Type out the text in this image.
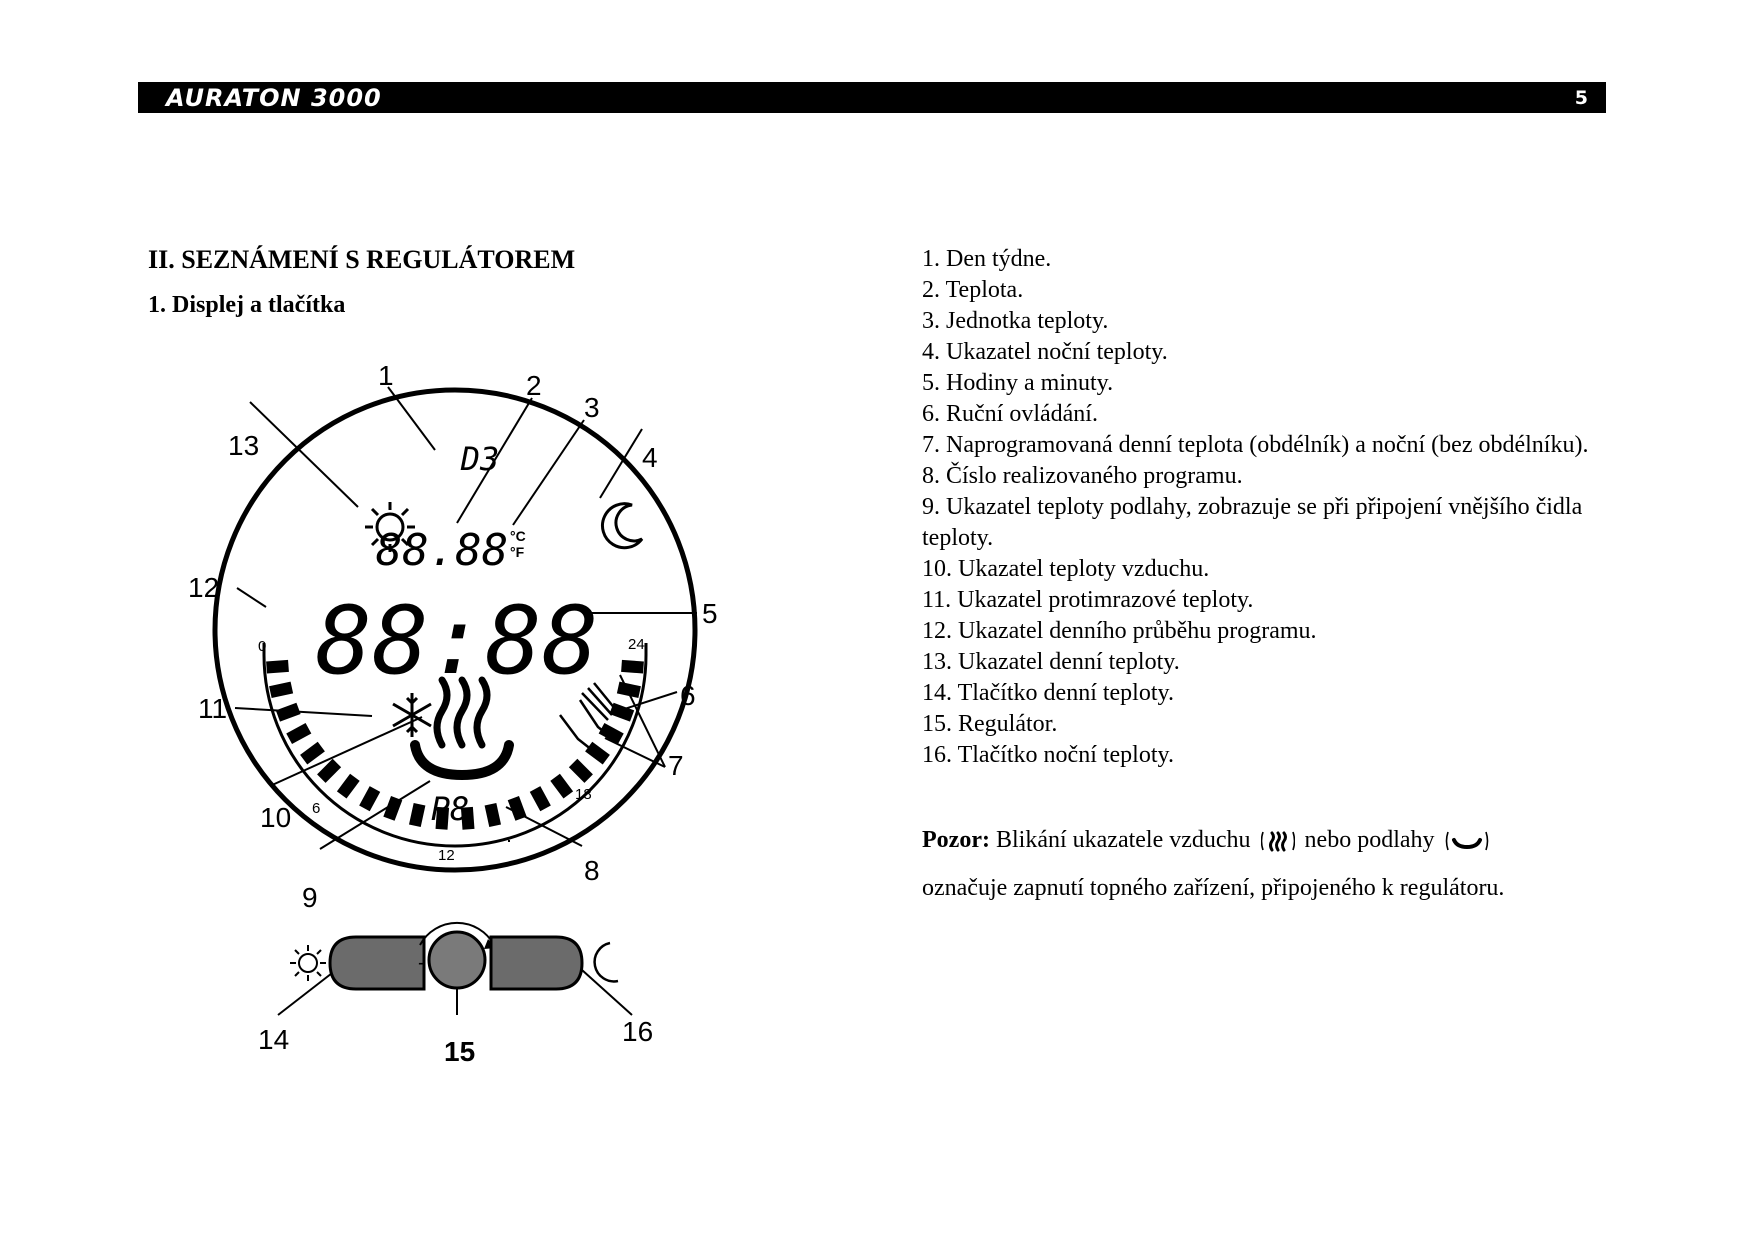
AURATON 3000	5
II. SEZNÁMENÍ S REGULÁTOREM
1. Displej a tlačítka
D3
88.88 °C
°F
88:88
0
6
12
18
24
P8
1	2
3
4
5
6
7
8
9
10
11
12
13
-
14	15
16
1. Den týdne.
2. Teplota.
3. Jednotka teploty.
4. Ukazatel noční teploty.
5. Hodiny a minuty.
6. Ruční ovládání.
7. Naprogramovaná denní teplota (obdélník) a noční (bez obdélníku).
8. Číslo realizovaného programu.
9. Ukazatel teploty podlahy, zobrazuje se při připojení vnějšího čidla teploty.
10. Ukazatel teploty vzduchu.
11. Ukazatel protimrazové teploty.
12. Ukazatel denního průběhu programu.
13. Ukazatel denní teploty.
14. Tlačítko denní teploty.
15. Regulátor.
16. Tlačítko noční teploty.
Pozor: Blikání ukazatele vzduchu nebo podlahy
označuje zapnutí topného zařízení, připojeného k regulátoru.
